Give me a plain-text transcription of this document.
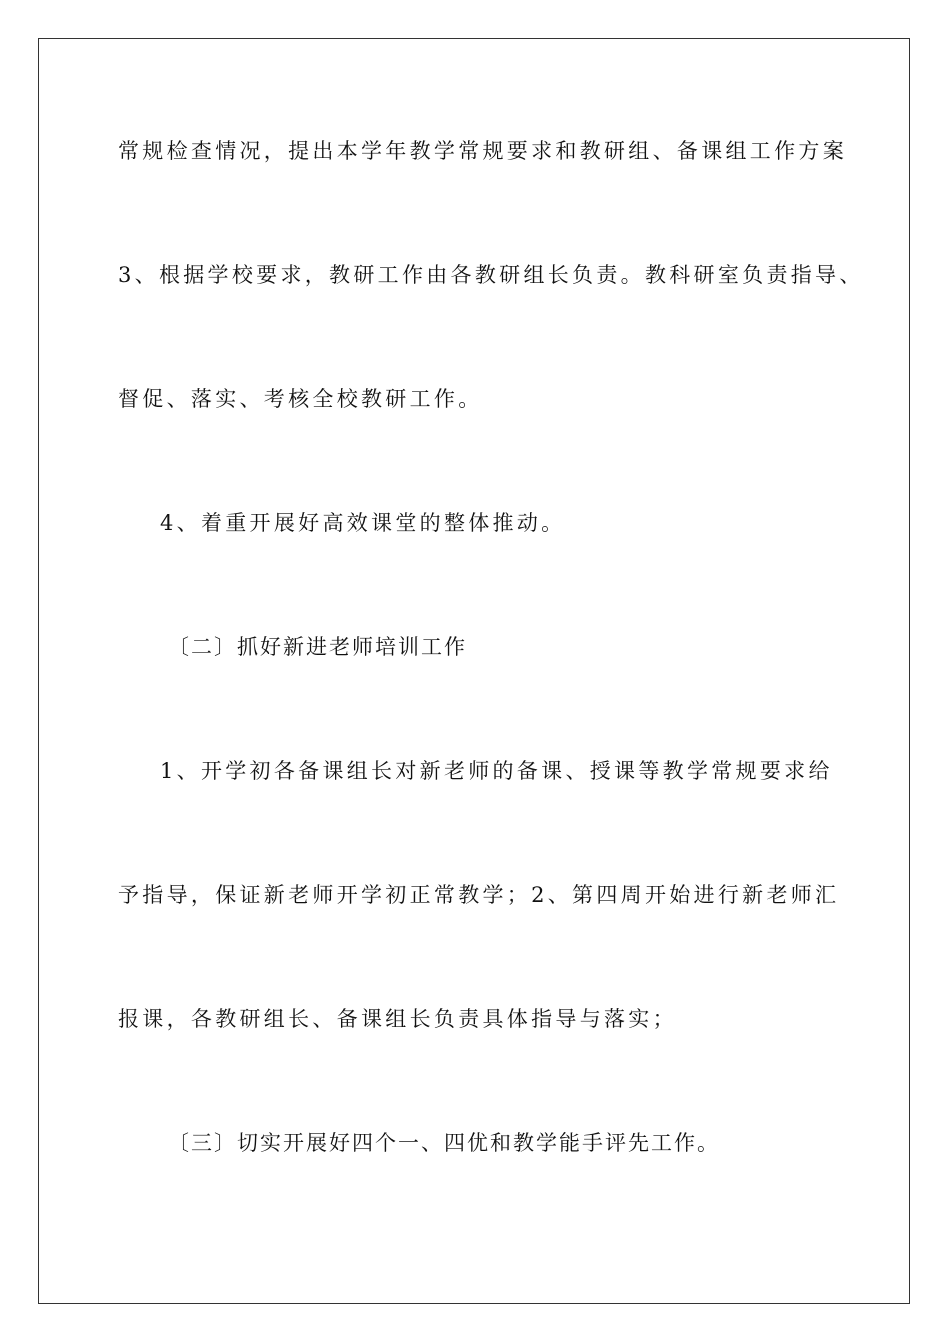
常规检查情况，提出本学年教学常规要求和教研组、备课组工作方案
3、根据学校要求，教研工作由各教研组长负责。教科研室负责指导、
督促、落实、考核全校教研工作。
4、着重开展好高效课堂的整体推动。
〔二〕抓好新进老师培训工作
1、开学初各备课组长对新老师的备课、授课等教学常规要求给
予指导，保证新老师开学初正常教学；2、第四周开始进行新老师汇
报课，各教研组长、备课组长负责具体指导与落实；
〔三〕切实开展好四个一、四优和教学能手评先工作。
